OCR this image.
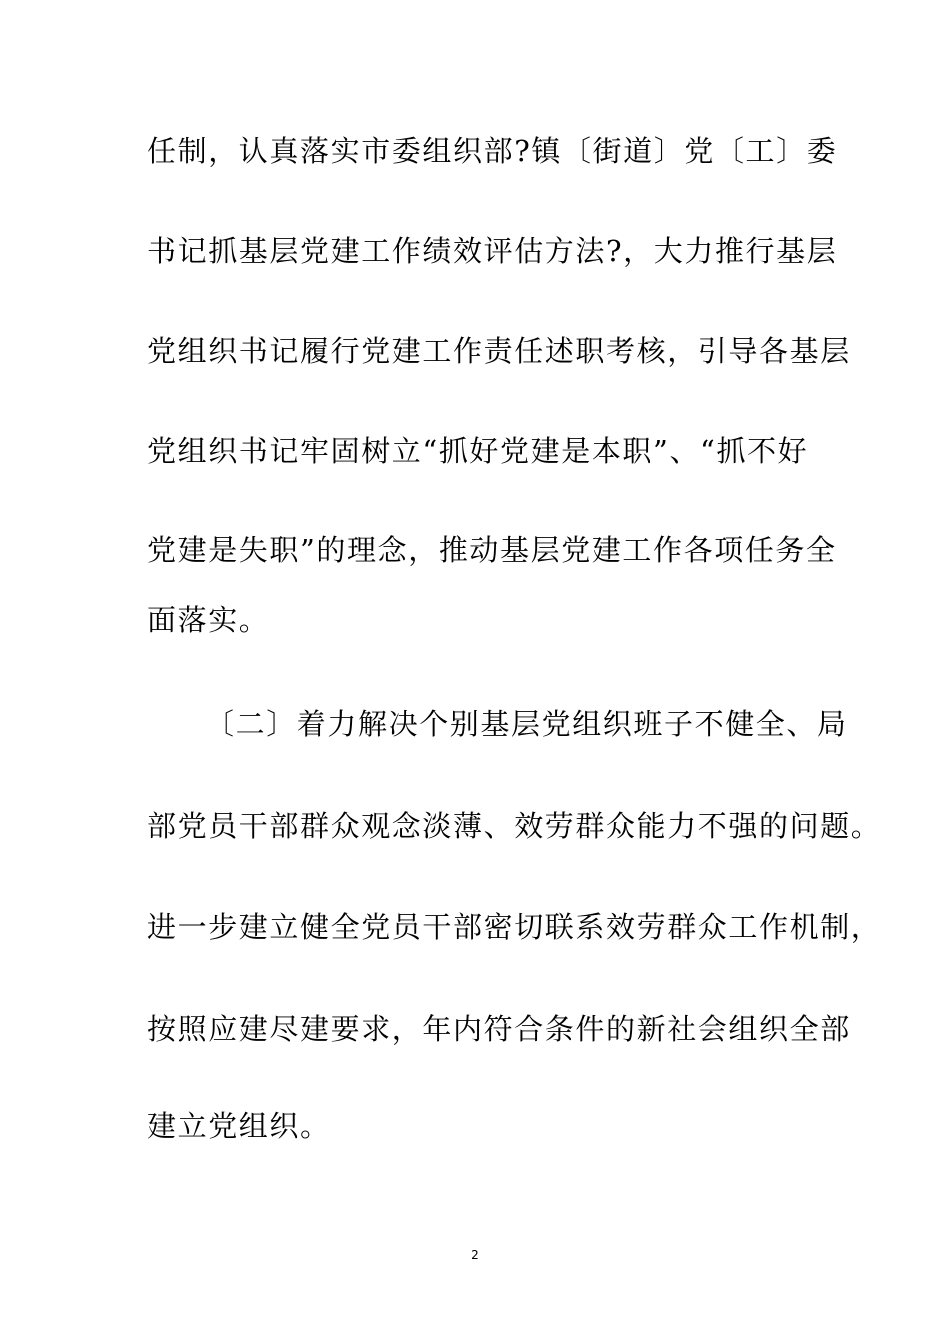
任制，认真落实市委组织部?镇〔街道〕党〔工〕委
书记抓基层党建工作绩效评估方法?，大力推行基层
党组织书记履行党建工作责任述职考核，引导各基层
党组织书记牢固树立“抓好党建是本职”、“抓不好
党建是失职”的理念，推动基层党建工作各项任务全
面落实。
〔二〕着力解决个别基层党组织班子不健全、局
部党员干部群众观念淡薄、效劳群众能力不强的问题。
进一步建立健全党员干部密切联系效劳群众工作机制，
按照应建尽建要求，年内符合条件的新社会组织全部
建立党组织。
2
